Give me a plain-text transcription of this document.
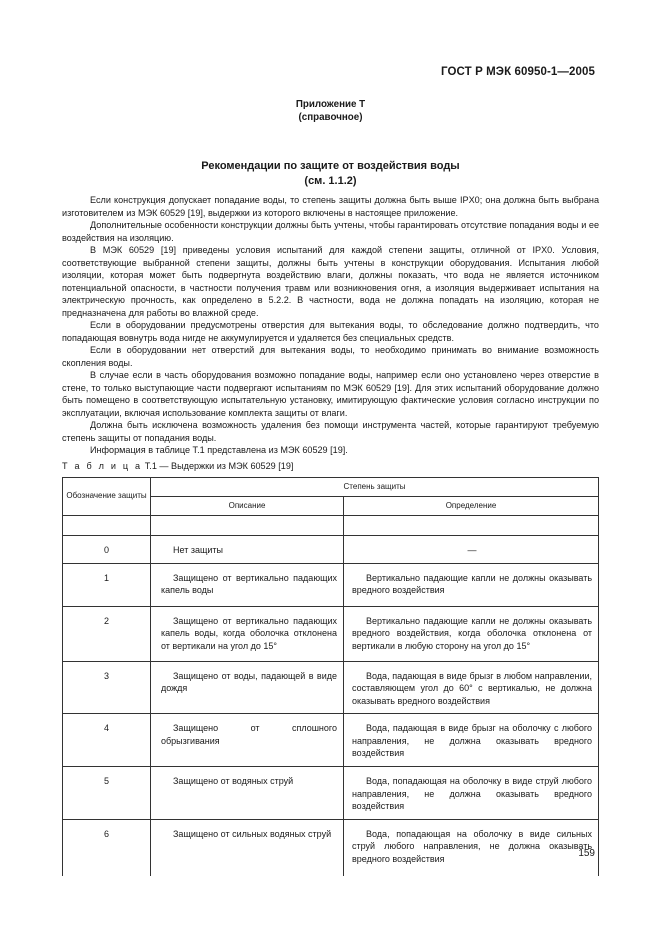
ГОСТ Р МЭК 60950-1—2005
Приложение Т
(справочное)
Рекомендации по защите от воздействия воды
(см. 1.1.2)

Если конструкция допускает попадание воды, то степень защиты должна быть выше IPX0; она должна быть выбрана изготовителем из МЭК 60529 [19], выдержки из которого включены в настоящее приложение.

Дополнительные особенности конструкции должны быть учтены, чтобы гарантировать отсутствие попадания воды и ее воздействия на изоляцию.

В МЭК 60529 [19] приведены условия испытаний для каждой степени защиты, отличной от IPX0. Условия, соответствующие выбранной степени защиты, должны быть учтены в конструкции оборудования. Испытания любой изоляции, которая может быть подвергнута воздействию влаги, должны показать, что вода не является источником потенциальной опасности, в частности получения травм или возникновения огня, а изоляция выдерживает испытания на электрическую прочность, как определено в 5.2.2. В частности, вода не должна попадать на изоляцию, которая не предназначена для работы во влажной среде.

Если в оборудовании предусмотрены отверстия для вытекания воды, то обследование должно подтвердить, что попадающая вовнутрь вода нигде не аккумулируется и удаляется без специальных средств.

Если в оборудовании нет отверстий для вытекания воды, то необходимо принимать во внимание возможность скопления воды.

В случае если в часть оборудования возможно попадание воды, например если оно установлено через отверстие в стене, то только выступающие части подвергают испытаниям по МЭК 60529 [19]. Для этих испытаний оборудование должно быть помещено в соответствующую испытательную установку, имитирующую фактические условия согласно инструкции по эксплуатации, включая использование комплекта защиты от влаги.

Должна быть исключена возможность удаления без помощи инструмента частей, которые гарантируют требуемую степень защиты от попадания воды.

Информация в таблице Т.1 представлена из МЭК 60529 [19].

Т а б л и ц а Т.1 — Выдержки из МЭК 60529 [19]
Обозначение защиты	Степень защиты	
	Описание	Определение

0	Нет защиты	—
1	Защищено от вертикально падающих капель воды	Вертикально падающие капли не должны оказывать вредного воздействия
2	Защищено от вертикально падающих капель воды, когда оболочка отклонена от вертикали на угол до 15°	Вертикально падающие капли не должны оказывать вредного воздействия, когда оболочка отклонена от вертикали в любую сторону на угол до 15°
3	Защищено от воды, падающей в виде дождя	Вода, падающая в виде брызг в любом направлении, составляющем угол до 60° с вертикалью, не должна оказывать вредного воздействия
4	Защищено от сплошного обрызгивания	Вода, падающая в виде брызг на оболочку с любого направления, не должна оказывать вредного воздействия
5	Защищено от водяных струй	Вода, попадающая на оболочку в виде струй любого направления, не должна оказывать вредного воздействия
6	Защищено от сильных водяных струй	Вода, попадающая на оболочку в виде сильных струй любого направления, не должна оказывать вредного воздействия	159
